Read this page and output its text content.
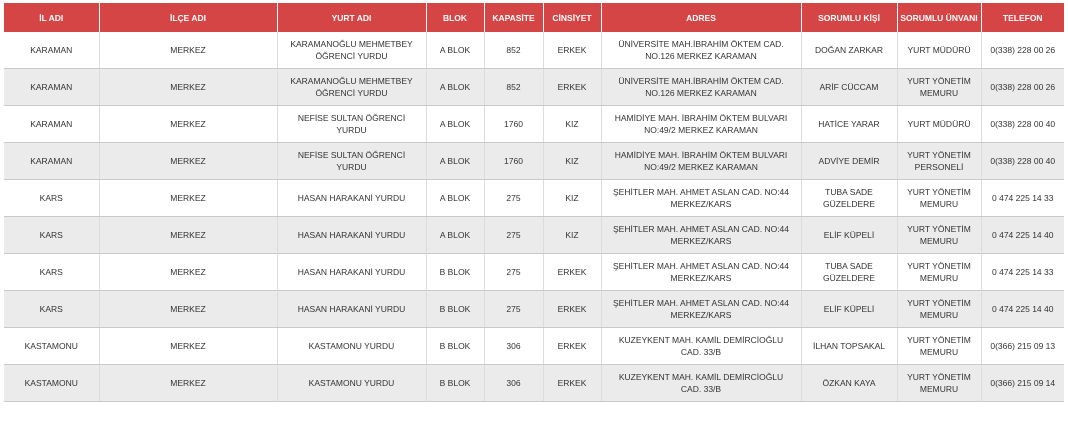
İL ADI	İLÇE ADI	YURT ADI	BLOK	KAPASİTE	CİNSİYET	ADRES	SORUMLU KİŞİ	SORUMLU ÜNVANI	TELEFON
KARAMAN	MERKEZ	KARAMANOĞLU MEHMETBEY ÖĞRENCİ YURDU	A BLOK	852	ERKEK	ÜNİVERSİTE MAH.İBRAHİM ÖKTEM CAD. NO.126 MERKEZ KARAMAN	DOĞAN ZARKAR	YURT MÜDÜRÜ	0(338) 228 00 26
KARAMAN	MERKEZ	KARAMANOĞLU MEHMETBEY ÖĞRENCİ YURDU	A BLOK	852	ERKEK	ÜNİVERSİTE MAH.İBRAHİM ÖKTEM CAD. NO.126 MERKEZ KARAMAN	ARİF CÜCCAM	YURT YÖNETİM MEMURU	0(338) 228 00 26
KARAMAN	MERKEZ	NEFİSE SULTAN ÖĞRENCİ YURDU	A BLOK	1760	KIZ	HAMİDİYE MAH. İBRAHİM ÖKTEM BULVARI NO:49/2 MERKEZ KARAMAN	HATİCE YARAR	YURT MÜDÜRÜ	0(338) 228 00 40
KARAMAN	MERKEZ	NEFİSE SULTAN ÖĞRENCİ YURDU	A BLOK	1760	KIZ	HAMİDİYE MAH. İBRAHİM ÖKTEM BULVARI NO:49/2 MERKEZ KARAMAN	ADVİYE DEMİR	YURT YÖNETİM PERSONELİ	0(338) 228 00 40
KARS	MERKEZ	HASAN HARAKANİ YURDU	A BLOK	275	KIZ	ŞEHİTLER MAH. AHMET ASLAN CAD. NO:44 MERKEZ/KARS	TUBA SADE GÜZELDERE	YURT YÖNETİM MEMURU	0 474 225 14 33
KARS	MERKEZ	HASAN HARAKANİ YURDU	A BLOK	275	KIZ	ŞEHİTLER MAH. AHMET ASLAN CAD. NO:44 MERKEZ/KARS	ELİF KÜPELİ	YURT YÖNETİM MEMURU	0 474 225 14 40
KARS	MERKEZ	HASAN HARAKANİ YURDU	B BLOK	275	ERKEK	ŞEHİTLER MAH. AHMET ASLAN CAD. NO:44 MERKEZ/KARS	TUBA SADE GÜZELDERE	YURT YÖNETİM MEMURU	0 474 225 14 33
KARS	MERKEZ	HASAN HARAKANİ YURDU	B BLOK	275	ERKEK	ŞEHİTLER MAH. AHMET ASLAN CAD. NO:44 MERKEZ/KARS	ELİF KÜPELİ	YURT YÖNETİM MEMURU	0 474 225 14 40
KASTAMONU	MERKEZ	KASTAMONU YURDU	B BLOK	306	ERKEK	KUZEYKENT MAH. KAMİL DEMİRCİOĞLU CAD. 33/B	İLHAN TOPSAKAL	YURT YÖNETİM MEMURU	0(366) 215 09 13
KASTAMONU	MERKEZ	KASTAMONU YURDU	B BLOK	306	ERKEK	KUZEYKENT MAH. KAMİL DEMİRCİOĞLU CAD. 33/B	ÖZKAN KAYA	YURT YÖNETİM MEMURU	0(366) 215 09 14
